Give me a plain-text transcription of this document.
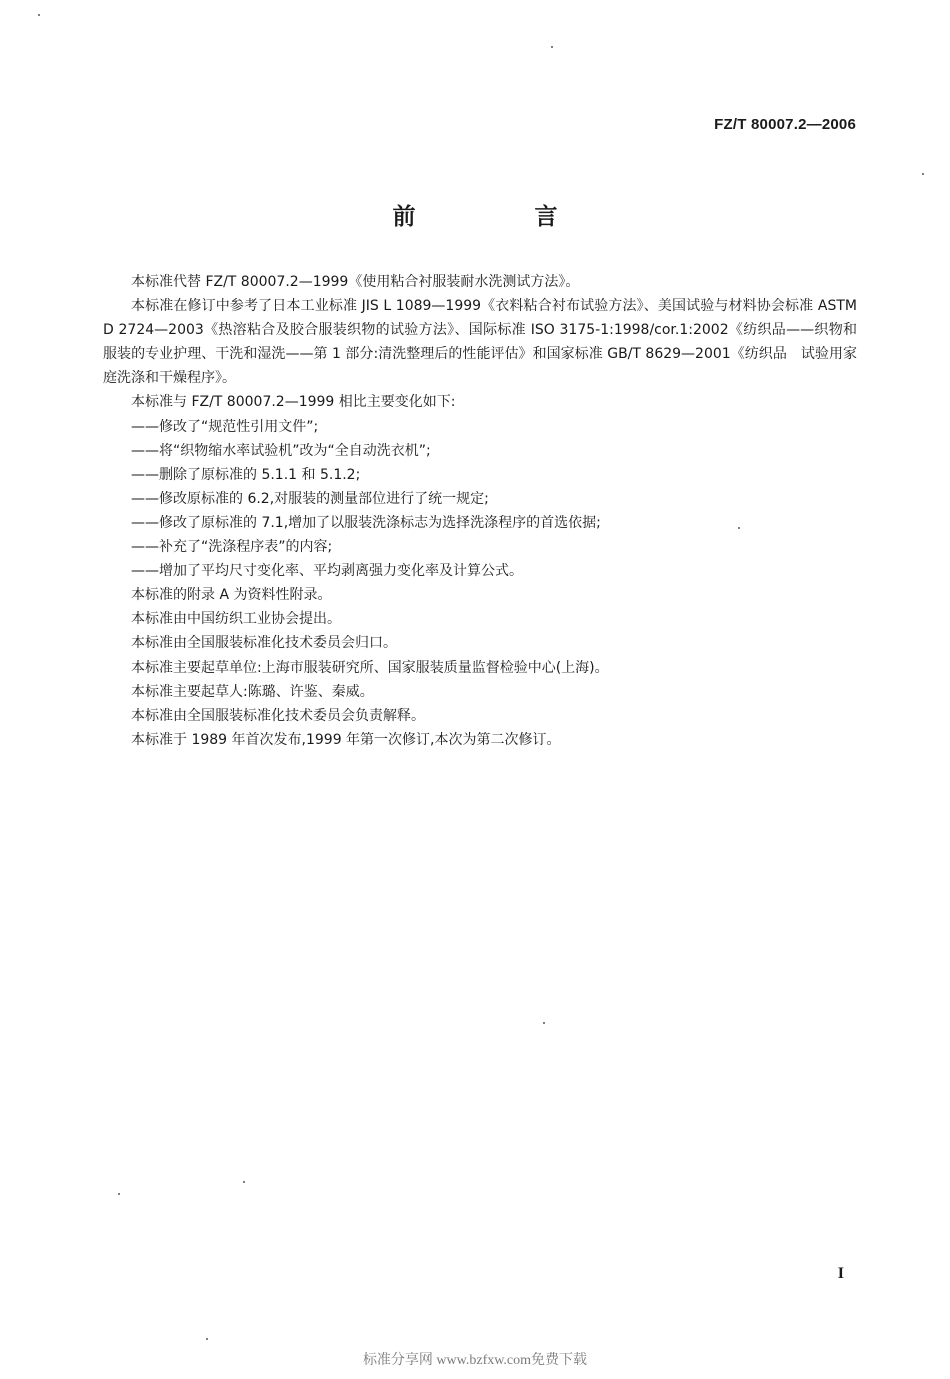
FZ/T 80007.2—2006
前　言

本标准代替 FZ/T 80007.2—1999《使用粘合衬服装耐水洗测试方法》。

本标准在修订中参考了日本工业标准 JIS L 1089—1999《衣料粘合衬布试验方法》、美国试验与材料协会标准 ASTM D 2724—2003《热溶粘合及胶合服装织物的试验方法》、国际标准 ISO 3175-1:1998/cor.1:2002《纺织品——织物和服装的专业护理、干洗和湿洗——第 1 部分:清洗整理后的性能评估》和国家标准 GB/T 8629—2001《纺织品　试验用家庭洗涤和干燥程序》。

本标准与 FZ/T 80007.2—1999 相比主要变化如下:

——修改了“规范性引用文件”;

——将“织物缩水率试验机”改为“全自动洗衣机”;

——删除了原标准的 5.1.1 和 5.1.2;

——修改原标准的 6.2,对服装的测量部位进行了统一规定;

——修改了原标准的 7.1,增加了以服装洗涤标志为选择洗涤程序的首选依据;

——补充了“洗涤程序表”的内容;

——增加了平均尺寸变化率、平均剥离强力变化率及计算公式。

本标准的附录 A 为资料性附录。

本标准由中国纺织工业协会提出。

本标准由全国服装标准化技术委员会归口。

本标准主要起草单位:上海市服装研究所、国家服装质量监督检验中心(上海)。

本标准主要起草人:陈璐、许鉴、秦威。

本标准由全国服装标准化技术委员会负责解释。

本标准于 1989 年首次发布,1999 年第一次修订,本次为第二次修订。

I
标准分享网 www.bzfxw.com免费下载
